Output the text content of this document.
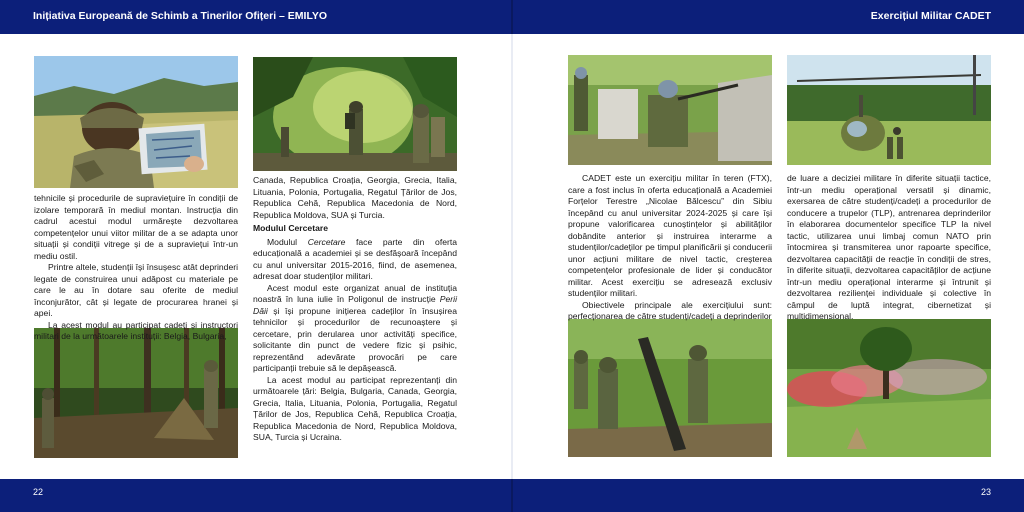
Inițiativa Europeană de Schimb a Tinerilor Ofițeri – EMILYO	Exercițiul Militar CADET
22	23

tehnicile și procedurile de supraviețuire în condiții de izolare temporară în mediul montan. Instrucția din cadrul acestui modul urmărește dezvoltarea competențelor unui viitor militar de a se adapta unor situații și condiții vitrege și de a supraviețui într-un mediu ostil.

Printre altele, studenții își însușesc atât deprinderi legate de construirea unui adăpost cu materiale pe care le au în dotare sau oferite de mediul înconjurător, cât și legate de procurarea hranei și apei.

La acest modul au participat cadeți și instructori militari de la următoarele instituții: Belgia, Bulgaria,

Canada, Republica Croația, Georgia, Grecia, Italia, Lituania, Polonia, Portugalia, Regatul Țărilor de Jos, Republica Cehă, Republica Macedonia de Nord, Republica Moldova, SUA și Turcia.

Modulul Cercetare

Modulul Cercetare face parte din oferta educațională a academiei și se desfășoară începând cu anul universitar 2015-2016, fiind, de asemenea, adresat doar studenților militari.

Acest modul este organizat anual de instituția noastră în luna iulie în Poligonul de instrucție Perii Dăii și își propune inițierea cadeților în însușirea tehnicilor și procedurilor de recunoaștere și cercetare, prin derularea unor activități specifice, solicitante din punct de vedere fizic și psihic, reprezentând adevărate provocări pe care participanții trebuie să le depășească.

La acest modul au participat reprezentanți din următoarele țări: Belgia, Bulgaria, Canada, Georgia, Grecia, Italia, Lituania, Polonia, Portugalia, Regatul Țărilor de Jos, Republica Cehă, Republica Croația, Republica Macedonia de Nord, Republica Moldova, SUA, Turcia și Ucraina.

CADET este un exercițiu militar în teren (FTX), care a fost inclus în oferta educațională a Academiei Forțelor Terestre „Nicolae Bălcescu” din Sibiu începând cu anul universitar 2024-2025 și care își propune valorificarea cunoștințelor și abilităților dobândite anterior și instruirea interarme a studenților/cadeților pe timpul planificării și conducerii unor acțiuni militare de nivel tactic, creșterea competențelor profesionale de lider și conducător militar. Acest exercițiu se adresează exclusiv studenților militari.

Obiectivele principale ale exercițiului sunt: perfecționarea de către studenți/cadeți a deprinderilor

de luare a deciziei militare în diferite situații tactice, într-un mediu operațional versatil și dinamic, exersarea de către studenți/cadeți a procedurilor de conducere a trupelor (TLP), antrenarea deprinderilor în elaborarea documentelor specifice TLP la nivel tactic, utilizarea unui limbaj comun NATO prin întocmirea și transmiterea unor rapoarte specifice, dezvoltarea capacității de reacție în condiții de stres, în diferite situații, dezvoltarea capacităților de acțiune într-un mediu operațional interarme și întrunit și dezvoltarea rezilienței individuale și colective în câmpul de luptă integrat, cibernetizat și multidimensional.
